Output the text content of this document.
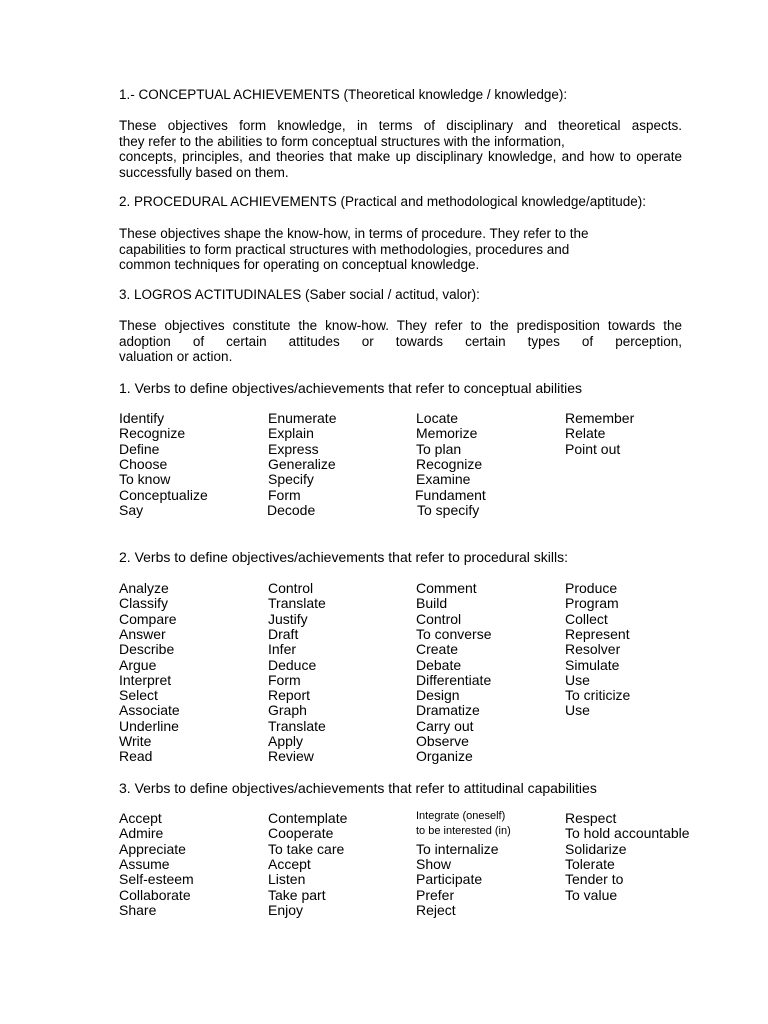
1.- CONCEPTUAL ACHIEVEMENTS (Theoretical knowledge / knowledge):
These objectives form knowledge, in terms of disciplinary and theoretical aspects.
they refer to the abilities to form conceptual structures with the information,
concepts, principles, and theories that make up disciplinary knowledge, and how to operate
successfully based on them.
2. PROCEDURAL ACHIEVEMENTS (Practical and methodological knowledge/aptitude):
These objectives shape the know-how, in terms of procedure. They refer to the
capabilities to form practical structures with methodologies, procedures and
common techniques for operating on conceptual knowledge.
3. LOGROS ACTITUDINALES (Saber social / actitud, valor):
These objectives constitute the know-how. They refer to the predisposition towards the
adoption of certain attitudes or towards certain types of perception,
valuation or action.
1. Verbs to define objectives/achievements that refer to conceptual abilities
Identify	Enumerate	Locate	Remember
Recognize	Explain	Memorize	Relate
Define	Express	To plan	Point out
Choose	Generalize	Recognize
To know	Specify	Examine
Conceptualize	Form	Fundament
Say	Decode	To specify
2. Verbs to define objectives/achievements that refer to procedural skills:
Analyze	Control	Comment	Produce
Classify	Translate	Build	Program
Compare	Justify	Control	Collect
Answer	Draft	To converse	Represent
Describe	Infer	Create	Resolver
Argue	Deduce	Debate	Simulate
Interpret	Form	Differentiate	Use
Select	Report	Design	To criticize
Associate	Graph	Dramatize	Use
Underline	Translate	Carry out
Write	Apply	Observe
Read	Review	Organize
3. Verbs to define objectives/achievements that refer to attitudinal capabilities
Accept	Contemplate	Integrate (oneself)	Respect
Admire	Cooperate	to be interested (in)	To hold accountable
Appreciate	To take care	To internalize	Solidarize
Assume	Accept	Show	Tolerate
Self-esteem	Listen	Participate	Tender to
Collaborate	Take part	Prefer	To value
Share	Enjoy	Reject
